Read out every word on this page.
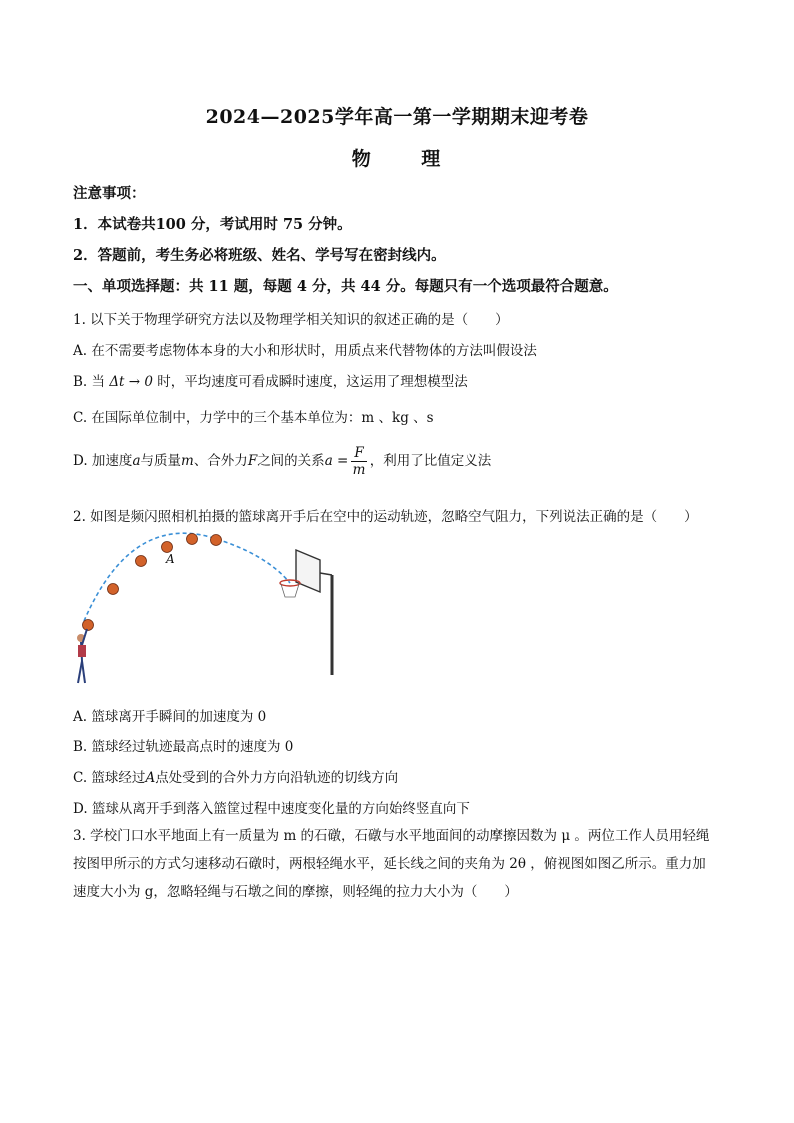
2024—2025学年高一第一学期期末迎考卷
物 理
注意事项：
1．本试卷共100 分，考试用时 75 分钟。
2．答题前，考生务必将班级、姓名、学号写在密封线内。
一、单项选择题：共 11 题，每题 4 分，共 44 分。每题只有一个选项最符合题意。
1. 以下关于物理学研究方法以及物理学相关知识的叙述正确的是（　　）
A. 在不需要考虑物体本身的大小和形状时，用质点来代替物体的方法叫假设法
B. 当 Δt → 0 时，平均速度可看成瞬时速度，这运用了理想模型法
C. 在国际单位制中，力学中的三个基本单位为：m 、kg 、s
D. 加速度a与质量m、合外力F之间的关系$a = \frac{F}{m}$ ，利用了比值定义法
2. 如图是频闪照相机拍摄的篮球离开手后在空中的运动轨迹，忽略空气阻力，下列说法正确的是（　　）
A
A. 篮球离开手瞬间的加速度为 0
B. 篮球经过轨迹最高点时的速度为 0
C. 篮球经过A点处受到的合外力方向沿轨迹的切线方向
D. 篮球从离开手到落入篮筐过程中速度变化量的方向始终竖直向下
3. 学校门口水平地面上有一质量为 m 的石礅，石礅与水平地面间的动摩擦因数为 μ 。两位工作人员用轻绳按图甲所示的方式匀速移动石礅时，两根轻绳水平，延长线之间的夹角为 2θ ，俯视图如图乙所示。重力加速度大小为 g，忽略轻绳与石墩之间的摩擦，则轻绳的拉力大小为（　　）
